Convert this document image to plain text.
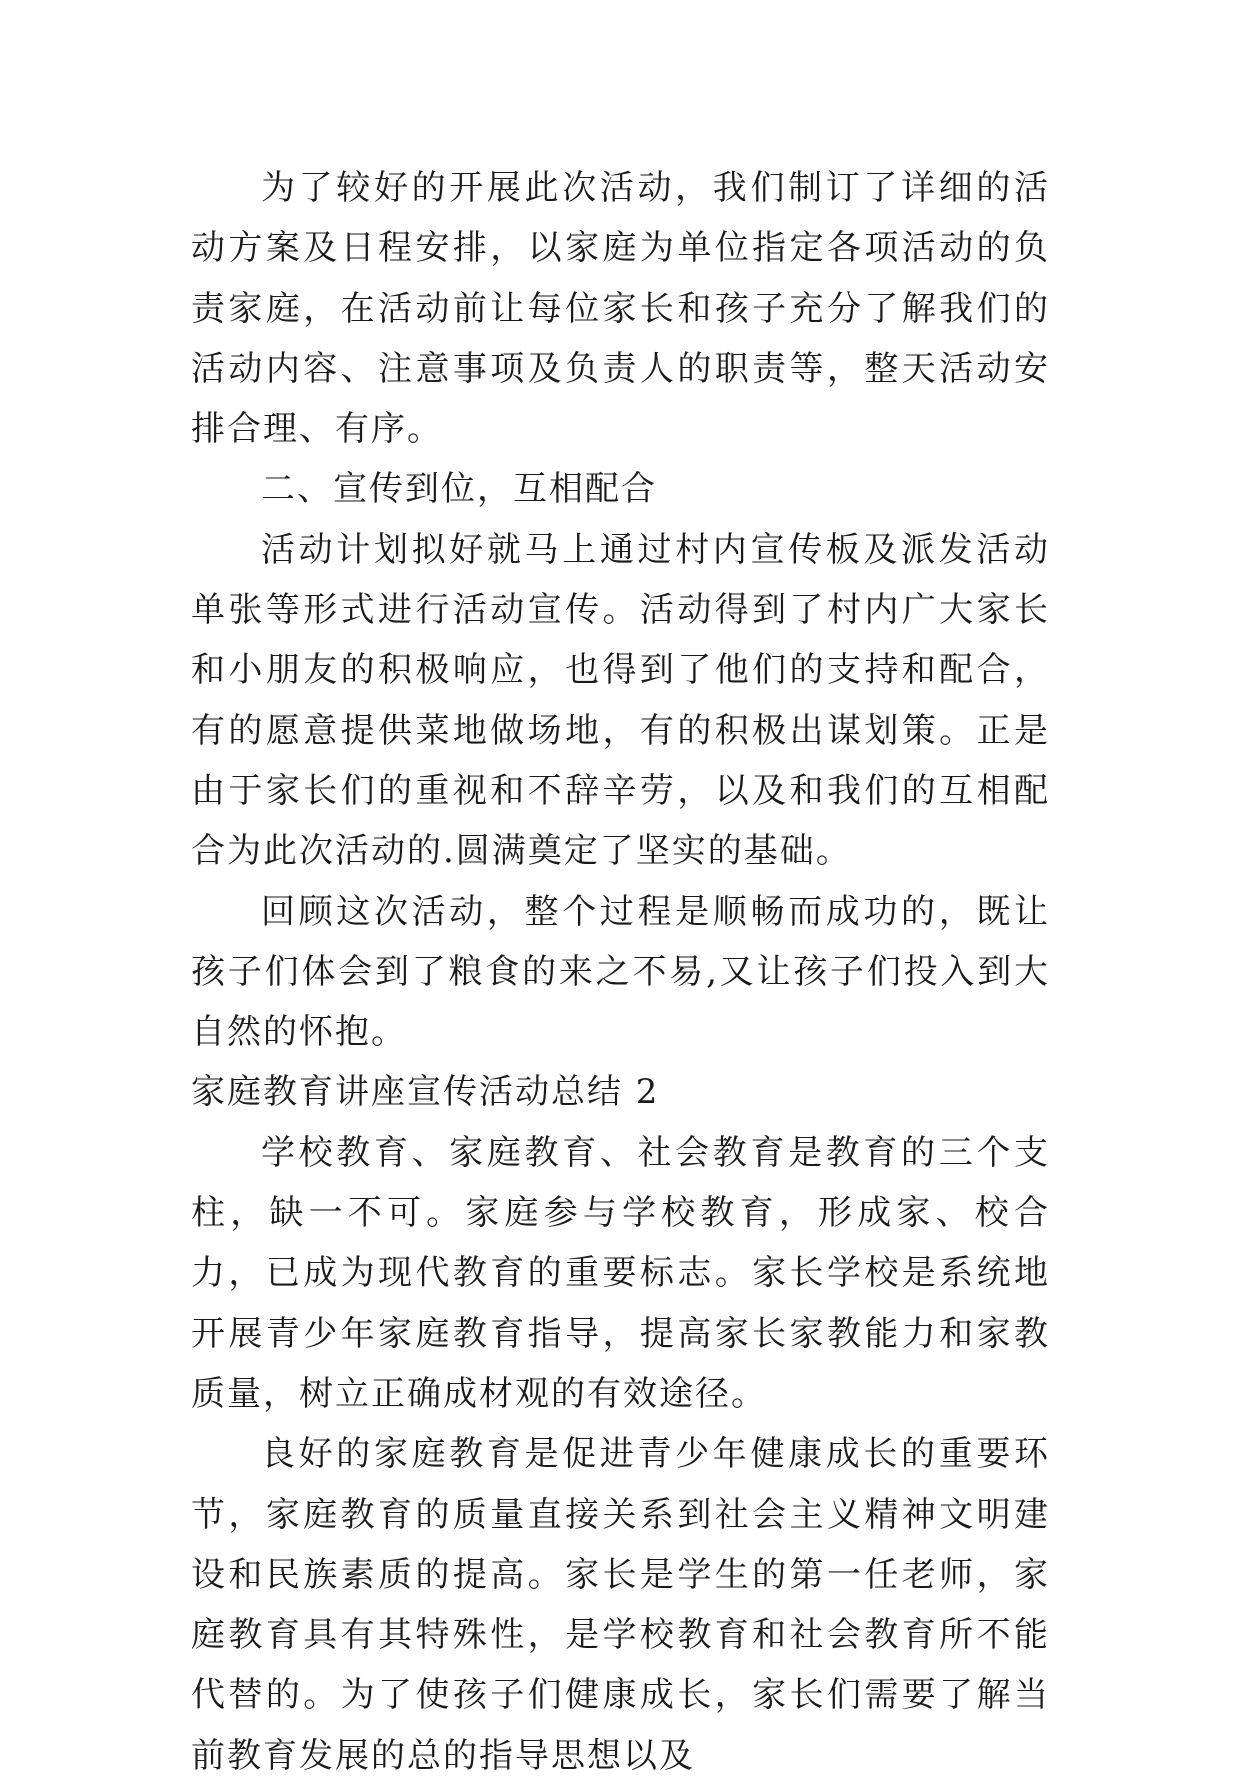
为了较好的开展此次活动，我们制订了详细的活动方案及日程安排，以家庭为单位指定各项活动的负责家庭，在活动前让每位家长和孩子充分了解我们的活动内容、注意事项及负责人的职责等，整天活动安排合理、有序。

二、宣传到位，互相配合

活动计划拟好就马上通过村内宣传板及派发活动单张等形式进行活动宣传。活动得到了村内广大家长和小朋友的积极响应，也得到了他们的支持和配合，有的愿意提供菜地做场地，有的积极出谋划策。正是由于家长们的重视和不辞辛劳，以及和我们的互相配合为此次活动的.圆满奠定了坚实的基础。

回顾这次活动，整个过程是顺畅而成功的，既让孩子们体会到了粮食的来之不易,又让孩子们投入到大自然的怀抱。

家庭教育讲座宣传活动总结 2

学校教育、家庭教育、社会教育是教育的三个支柱，缺一不可。家庭参与学校教育，形成家、校合力，已成为现代教育的重要标志。家长学校是系统地开展青少年家庭教育指导，提高家长家教能力和家教质量，树立正确成材观的有效途径。

良好的家庭教育是促进青少年健康成长的重要环节，家庭教育的质量直接关系到社会主义精神文明建设和民族素质的提高。家长是学生的第一任老师，家庭教育具有其特殊性，是学校教育和社会教育所不能代替的。为了使孩子们健康成长，家长们需要了解当前教育发展的总的指导思想以及
